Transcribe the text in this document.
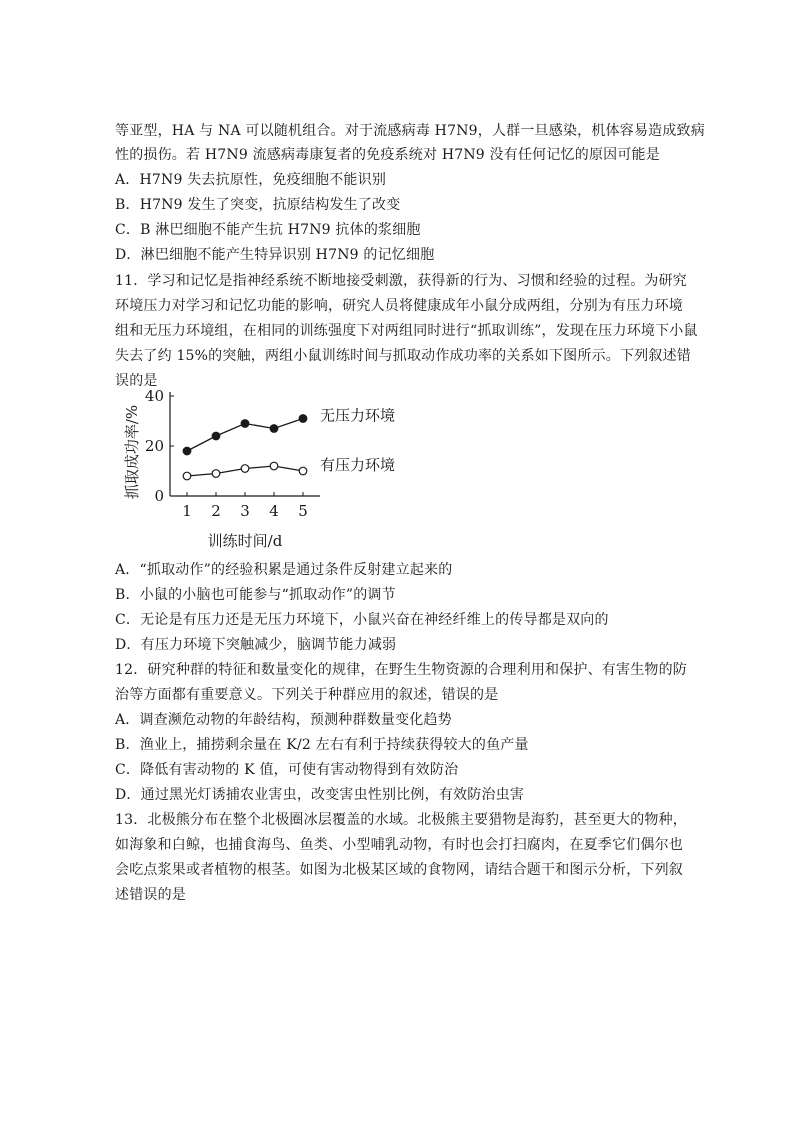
等亚型，HA 与 NA 可以随机组合。对于流感病毒 H7N9，人群一旦感染，机体容易造成致病
性的损伤。若 H7N9 流感病毒康复者的免疫系统对 H7N9 没有任何记忆的原因可能是
A．H7N9 失去抗原性，免疫细胞不能识别
B．H7N9 发生了突变，抗原结构发生了改变
C．B 淋巴细胞不能产生抗 H7N9 抗体的浆细胞
D．淋巴细胞不能产生特异识别 H7N9 的记忆细胞
11．学习和记忆是指神经系统不断地接受刺激，获得新的行为、习惯和经验的过程。为研究
环境压力对学习和记忆功能的影响，研究人员将健康成年小鼠分成两组，分别为有压力环境
组和无压力环境组，在相同的训练强度下对两组同时进行“抓取训练”，发现在压力环境下小鼠
失去了约 15%的突触，两组小鼠训练时间与抓取动作成功率的关系如下图所示。下列叙述错
误的是
0
20
40
1 2 3 4 5
无压力环境
有压力环境
抓取成功率/%
训练时间/d
A．“抓取动作”的经验积累是通过条件反射建立起来的
B．小鼠的小脑也可能参与“抓取动作”的调节
C．无论是有压力还是无压力环境下，小鼠兴奋在神经纤维上的传导都是双向的
D．有压力环境下突触减少，脑调节能力减弱
12．研究种群的特征和数量变化的规律，在野生生物资源的合理利用和保护、有害生物的防
治等方面都有重要意义。下列关于种群应用的叙述，错误的是
A．调查濒危动物的年龄结构，预测种群数量变化趋势
B．渔业上，捕捞剩余量在 K/2 左右有利于持续获得较大的鱼产量
C．降低有害动物的 K 值，可使有害动物得到有效防治
D．通过黑光灯诱捕农业害虫，改变害虫性别比例，有效防治虫害
13．北极熊分布在整个北极圈冰层覆盖的水域。北极熊主要猎物是海豹，甚至更大的物种，
如海象和白鲸，也捕食海鸟、鱼类、小型哺乳动物，有时也会打扫腐肉，在夏季它们偶尔也
会吃点浆果或者植物的根茎。如图为北极某区域的食物网，请结合题干和图示分析，下列叙
述错误的是
